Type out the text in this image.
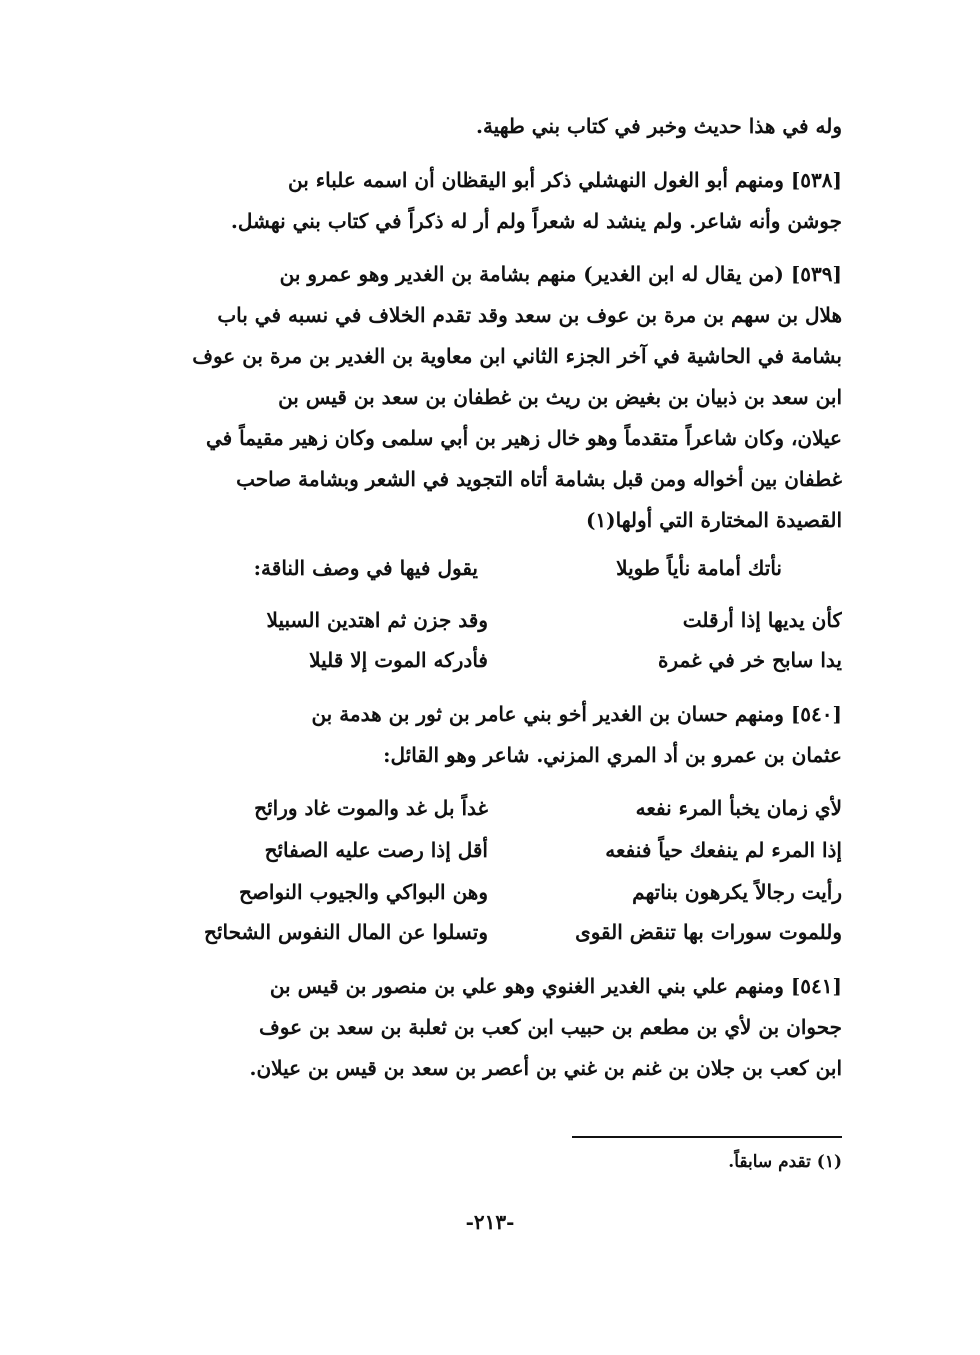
وله في هذا حديث وخبر في كتاب بني طهية.
[٥٣٨] ومنهم أبو الغول النهشلي ذكر أبو اليقظان أن اسمه علباء بن
جوشن وأنه شاعر. ولم ينشد له شعراً ولم أر له ذكراً في كتاب بني نهشل.
[٥٣٩] (من يقال له ابن الغدير) منهم بشامة بن الغدير وهو عمرو بن
هلال بن سهم بن مرة بن عوف بن سعد وقد تقدم الخلاف في نسبه في باب
بشامة في الحاشية في آخر الجزء الثاني ابن معاوية بن الغدير بن مرة بن عوف
ابن سعد بن ذبيان بن بغيض بن ريث بن غطفان بن سعد بن قيس بن
عيلان، وكان شاعراً متقدماً وهو خال زهير بن أبي سلمى وكان زهير مقيماً في
غطفان بين أخواله ومن قبل بشامة أتاه التجويد في الشعر وبشامة صاحب
القصيدة المختارة التي أولها(١)
نأتك أمامة نأياً طويلا
يقول فيها في وصف الناقة:
كأن يديها إذا أرقلت
وقد جزن ثم اهتدين السبيلا
يدا سابح خر في غمرة
فأدركه الموت إلا قليلا
[٥٤٠] ومنهم حسان بن الغدير أخو بني عامر بن ثور بن هدمة بن
عثمان بن عمرو بن أد المري المزني. شاعر وهو القائل:
لأي زمان يخبأ المرء نفعه
غداً بل غد والموت غاد ورائح
إذا المرء لم ينفعك حياً فنفعه
أقل إذا رصت عليه الصفائح
رأيت رجالاً يكرهون بناتهم
وهن البواكي والجيوب النواصح
وللموت سورات بها تنقض القوى
وتسلوا عن المال النفوس الشحائح
[٥٤١] ومنهم علي بني الغدير الغنوي وهو علي بن منصور بن قيس بن
جحوان بن لأي بن مطعم بن حبيب ابن كعب بن ثعلبة بن سعد بن عوف
ابن كعب بن جلان بن غنم بن غني بن أعصر بن سعد بن قيس بن عيلان.
(١) تقدم سابقاً.
-٢١٣-
